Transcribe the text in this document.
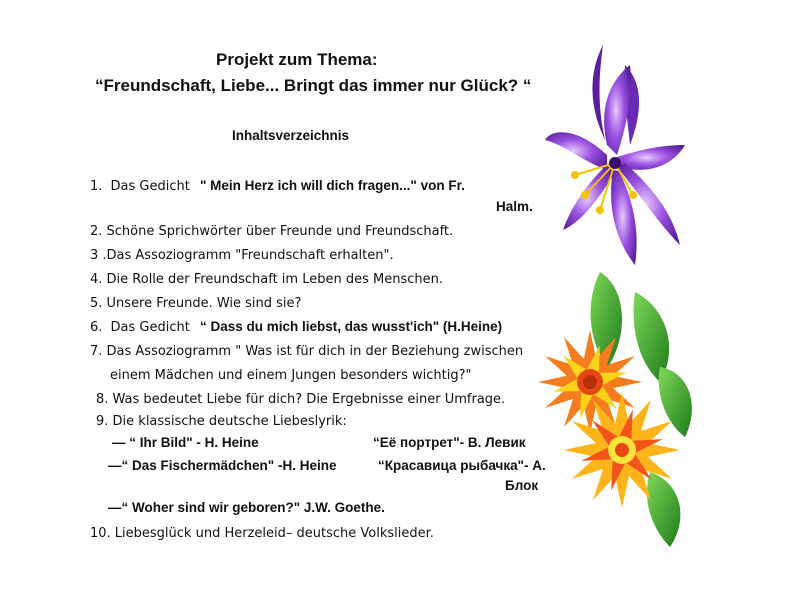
Projekt zum Thema:
“Freundschaft, Liebe... Bringt das immer nur Glück? “
Inhaltsverzeichnis
1. Das Gedicht " Mein Herz ich will dich fragen..." von Fr.
Halm.
2. Schöne Sprichwörter über Freunde und Freundschaft.
3 .Das Assoziogramm "Freundschaft erhalten".
4. Die Rolle der Freundschaft im Leben des Menschen.
5. Unsere Freunde. Wie sind sie?
6. Das Gedicht “ Dass du mich liebst, das wusst'ich" (H.Heine)
7. Das Assoziogramm " Was ist für dich in der Beziehung zwischen
einem Mädchen und einem Jungen besonders wichtig?"
8. Was bedeutet Liebe für dich? Die Ergebnisse einer Umfrage.
9. Die klassische deutsche Liebeslyrik:
— “ Ihr Bild" - H. Heine	“Её портрет"- В. Левик
—“ Das Fischermädchen" -H. Heine	“Красавица рыбачка"- А.
Блок
—“ Woher sind wir geboren?" J.W. Goethe.
10. Liebesglück und Herzeleid– deutsche Volkslieder.
